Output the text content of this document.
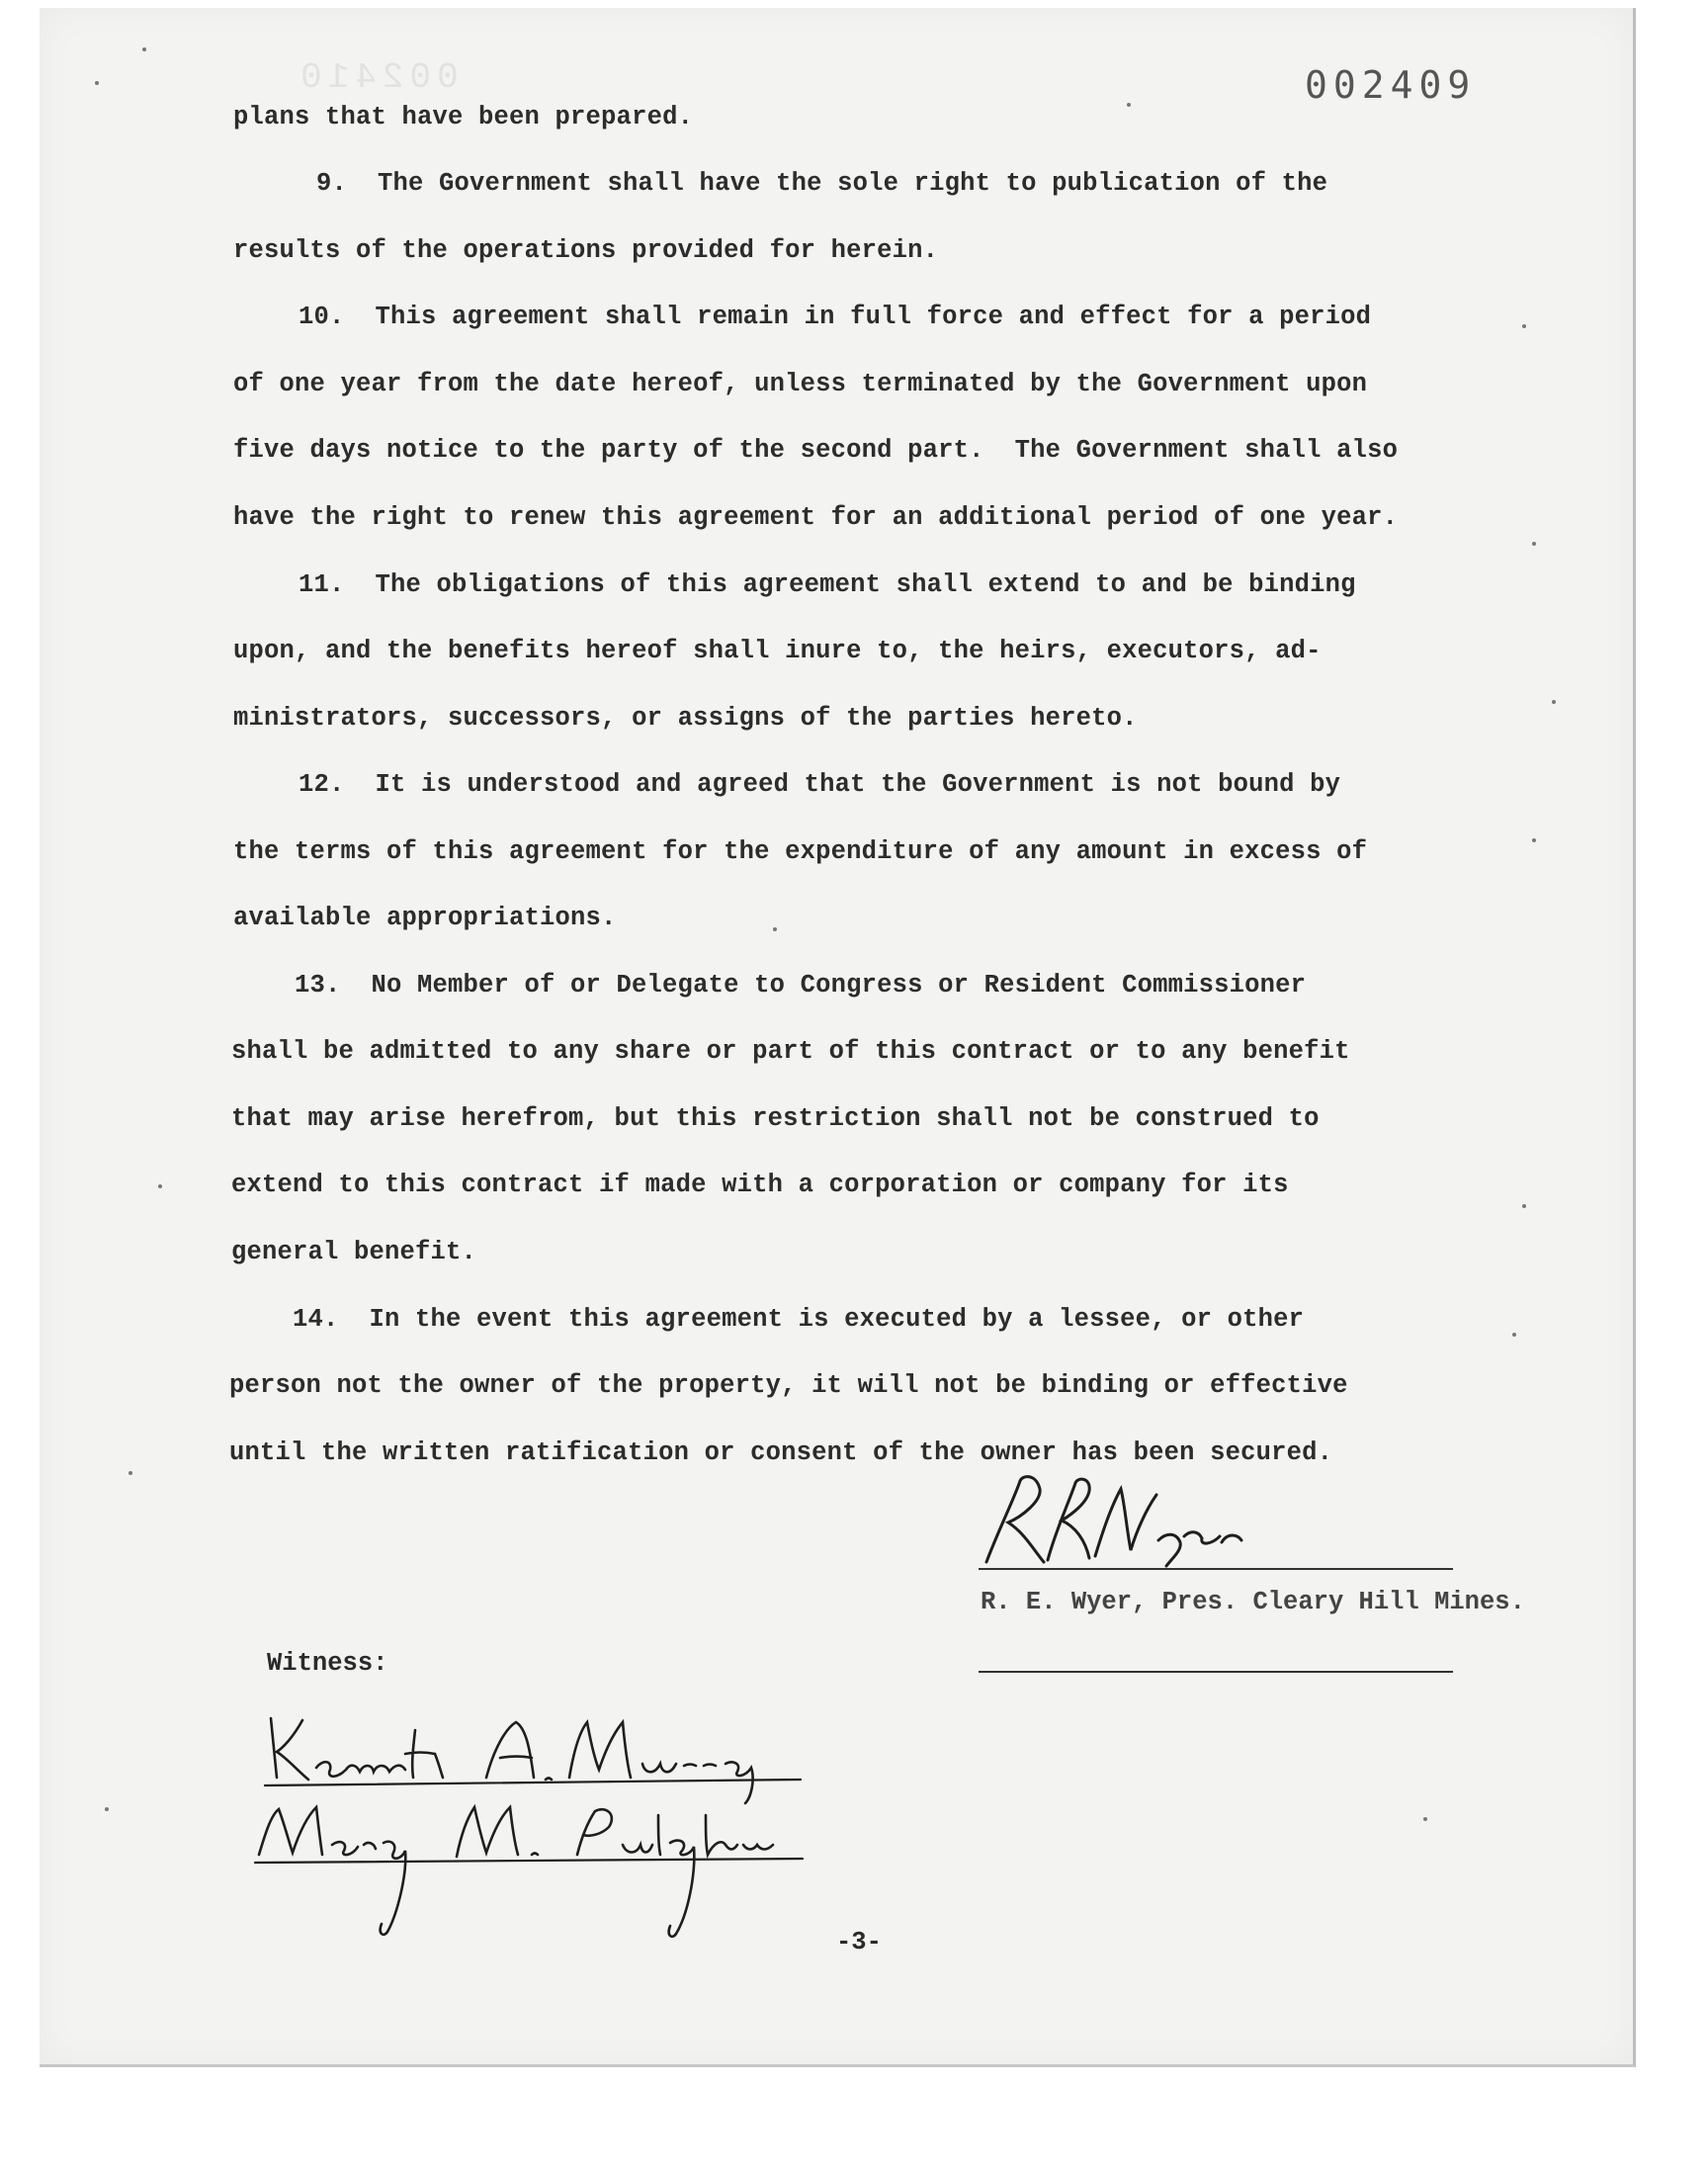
002410	002409
plans that have been prepared.
9.  The Government shall have the sole right to publication of the
results of the operations provided for herein.
10.  This agreement shall remain in full force and effect for a period
of one year from the date hereof, unless terminated by the Government upon
five days notice to the party of the second part.  The Government shall also
have the right to renew this agreement for an additional period of one year.
11.  The obligations of this agreement shall extend to and be binding
upon, and the benefits hereof shall inure to, the heirs, executors, ad-
ministrators, successors, or assigns of the parties hereto.
12.  It is understood and agreed that the Government is not bound by
the terms of this agreement for the expenditure of any amount in excess of
available appropriations.
13.  No Member of or Delegate to Congress or Resident Commissioner
shall be admitted to any share or part of this contract or to any benefit
that may arise herefrom, but this restriction shall not be construed to
extend to this contract if made with a corporation or company for its
general benefit.
14.  In the event this agreement is executed by a lessee, or other
person not the owner of the property, it will not be binding or effective
until the written ratification or consent of the owner has been secured.
R. E. Wyer, Pres. Cleary Hill Mines.
Witness:
-3-
